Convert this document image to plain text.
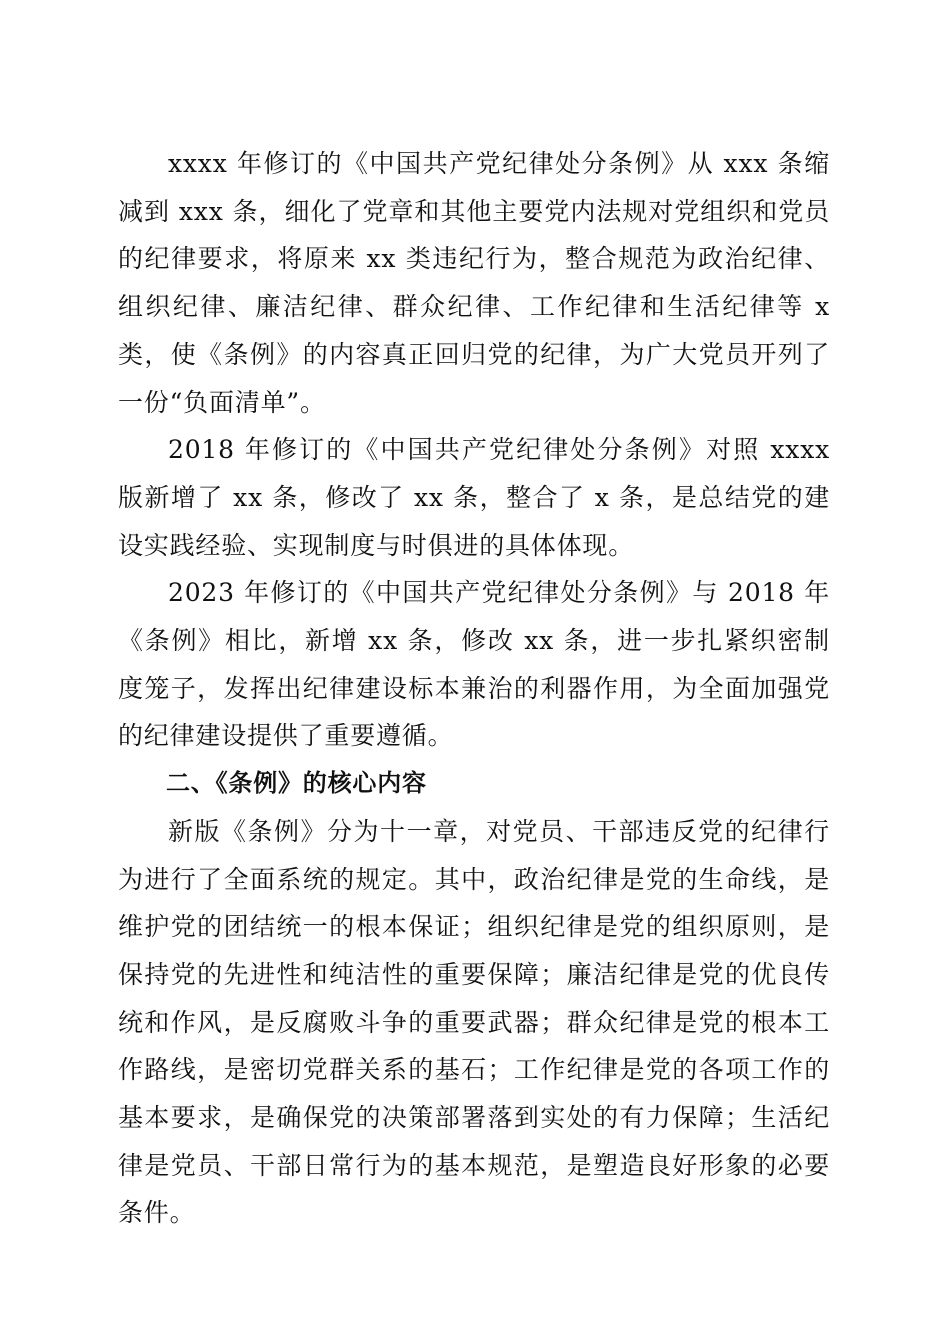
xxxx 年修订的《中国共产党纪律处分条例》从 xxx 条缩减到 xxx 条，细化了党章和其他主要党内法规对党组织和党员的纪律要求，将原来 xx 类违纪行为，整合规范为政治纪律、组织纪律、廉洁纪律、群众纪律、工作纪律和生活纪律等 x 类，使《条例》的内容真正回归党的纪律，为广大党员开列了一份“负面清单”。

2018 年修订的《中国共产党纪律处分条例》对照 xxxx 版新增了 xx 条，修改了 xx 条，整合了 x 条，是总结党的建设实践经验、实现制度与时俱进的具体体现。

2023 年修订的《中国共产党纪律处分条例》与 2018 年《条例》相比，新增 xx 条，修改 xx 条，进一步扎紧织密制度笼子，发挥出纪律建设标本兼治的利器作用，为全面加强党的纪律建设提供了重要遵循。

二、《条例》的核心内容

新版《条例》分为十一章，对党员、干部违反党的纪律行为进行了全面系统的规定。其中，政治纪律是党的生命线，是维护党的团结统一的根本保证；组织纪律是党的组织原则，是保持党的先进性和纯洁性的重要保障；廉洁纪律是党的优良传统和作风，是反腐败斗争的重要武器；群众纪律是党的根本工作路线，是密切党群关系的基石；工作纪律是党的各项工作的基本要求，是确保党的决策部署落到实处的有力保障；生活纪律是党员、干部日常行为的基本规范，是塑造良好形象的必要条件。
